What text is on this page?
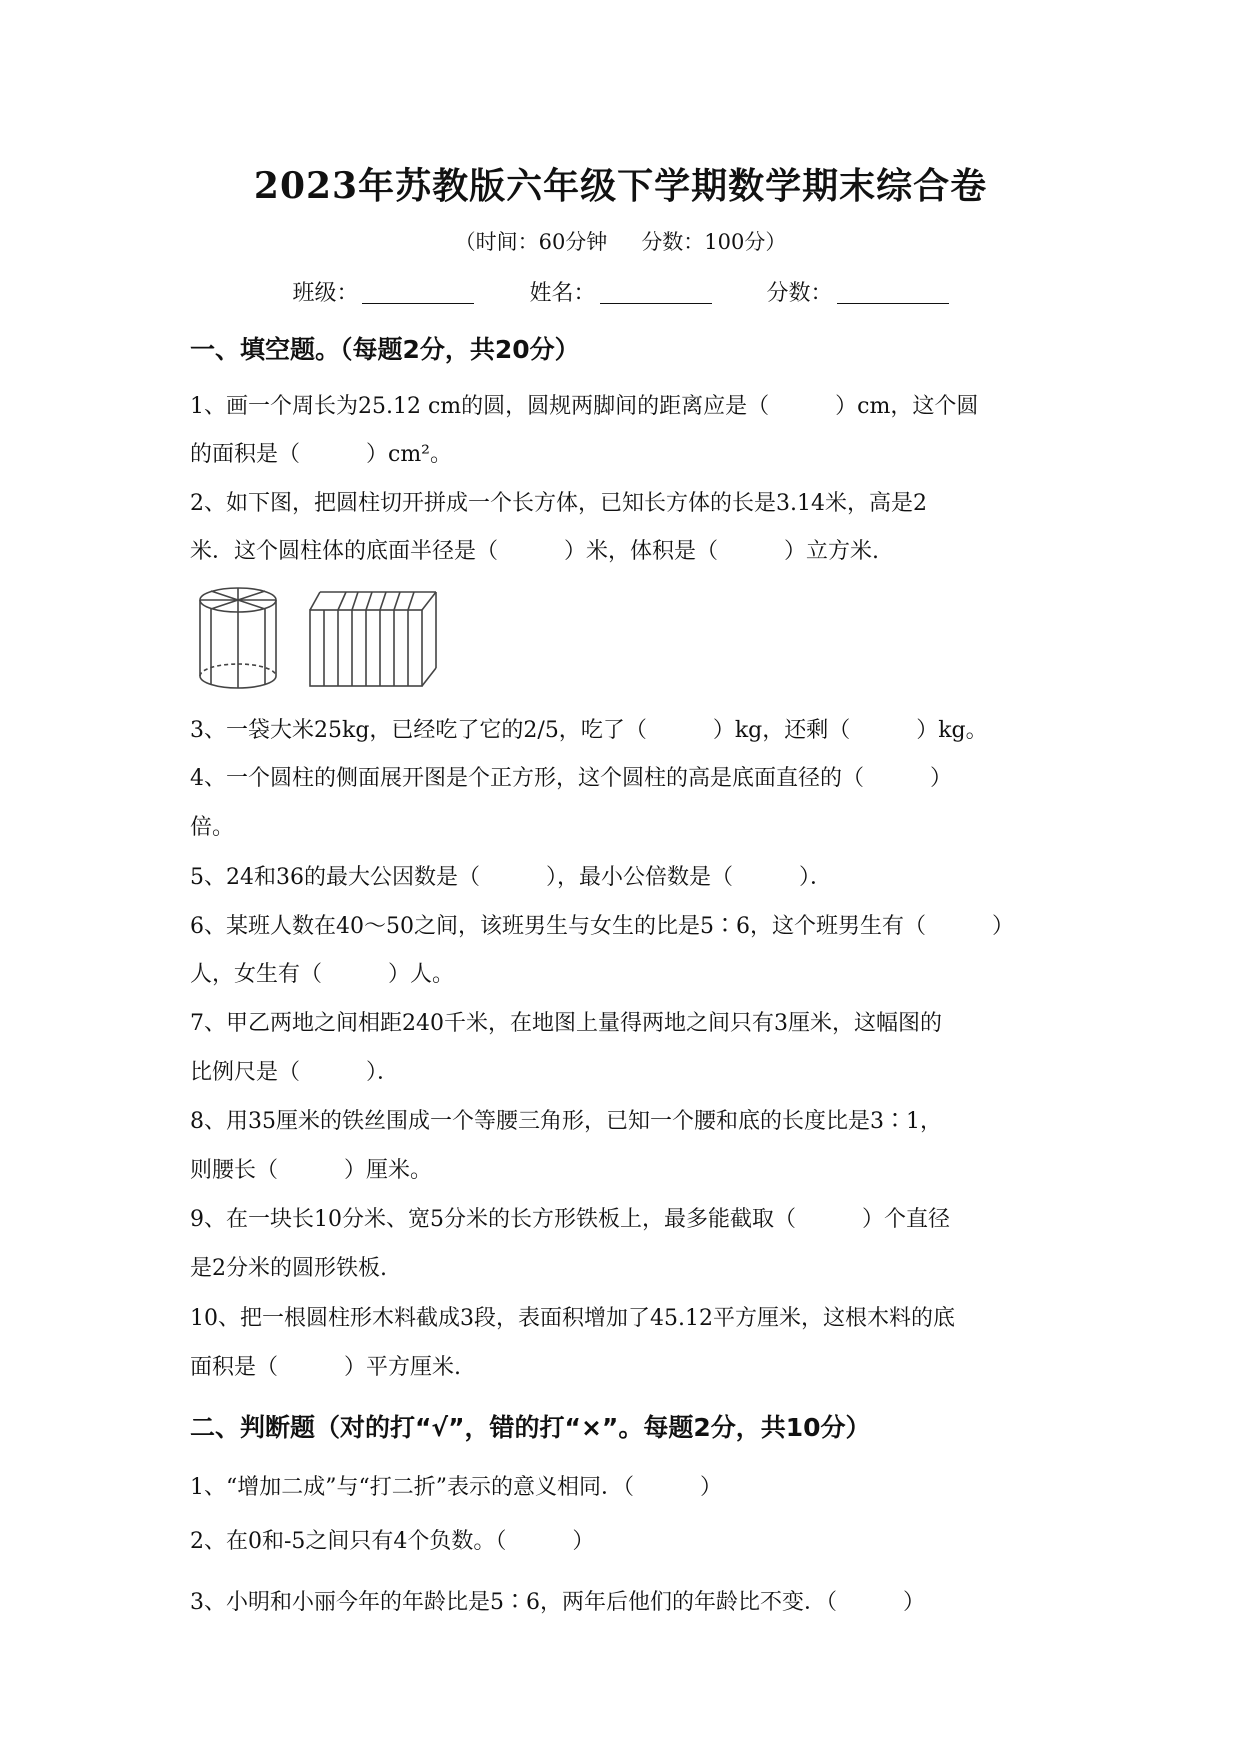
2023年苏教版六年级下学期数学期末综合卷
（时间：60分钟 分数：100分）
班级：	姓名：	分数：
一、填空题。（每题2分，共20分）
1、画一个周长为25.12 cm的圆，圆规两脚间的距离应是（　　　）cm，这个圆
的面积是（　　　）cm²。
2、如下图，把圆柱切开拼成一个长方体，已知长方体的长是3.14米，高是2
米．这个圆柱体的底面半径是（　　　）米，体积是（　　　）立方米.
3、一袋大米25kg，已经吃了它的2/5，吃了（　　　）kg，还剩（　　　）kg。
4、一个圆柱的侧面展开图是个正方形，这个圆柱的高是底面直径的（　　　）
倍。
5、24和36的最大公因数是（　　　），最小公倍数是（　　　）．
6、某班人数在40～50之间，该班男生与女生的比是5∶6，这个班男生有（　　　）
人，女生有（　　　）人。
7、甲乙两地之间相距240千米，在地图上量得两地之间只有3厘米，这幅图的
比例尺是（　　　）．
8、用35厘米的铁丝围成一个等腰三角形，已知一个腰和底的长度比是3∶1，
则腰长（　　　）厘米。
9、在一块长10分米、宽5分米的长方形铁板上，最多能截取（　　　）个直径
是2分米的圆形铁板.
10、把一根圆柱形木料截成3段，表面积增加了45.12平方厘米，这根木料的底
面积是（　　　）平方厘米.
二、判断题（对的打“√”，错的打“×”。每题2分，共10分）
1、“增加二成”与“打二折”表示的意义相同．（　　　）
2、在0和-5之间只有4个负数。（　　　）
3、小明和小丽今年的年龄比是5∶6，两年后他们的年龄比不变．（　　　）
